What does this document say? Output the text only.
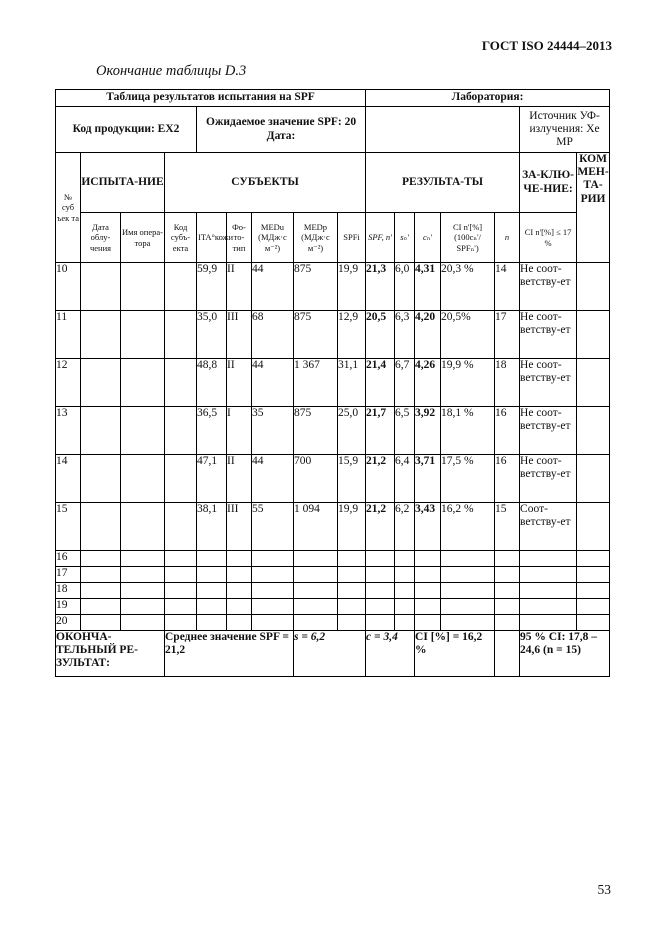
ГОСТ ISO 24444–2013
Окончание таблицы D.3
Таблица результатов испытания на SPF									Лаборатория:						
Код продукции: ЕХ2				Ожидаемое значение SPF: 20 Дата:										Источник УФ-излучения: Хе МР	
№ суб ъек та	ИСПЫТА-НИЕ		СУБЪЕКТЫ						РЕЗУЛЬТА-ТЫ					ЗА-КЛЮ-ЧЕ-НИЕ:	КОМ МЕН-ТА-РИИ
	Дата облу-чения	Имя опера-тора	Код субъ-екта	ITA°кожи	Фо-то-тип	MEDu (МДж·с м⁻²)	MEDp (МДж·с м⁻²)	SPFi	SPF, n'	sₙ'	cₙ'	CI n'[%] (100cₙ'/ SPFₙ')	n	CI n'[%] ≤ 17 %	
10				59,9	II	44	875	19,9	21,3	6,0	4,31	20,3 %	14	Не соот-ветству-ет	
11				35,0	III	68	875	12,9	20,5	6,3	4,20	20,5%	17	Не соот-ветству-ет	
12				48,8	II	44	1 367	31,1	21,4	6,7	4,26	19,9 %	18	Не соот-ветству-ет	
13				36,5	I	35	875	25,0	21,7	6,5	3,92	18,1 %	16	Не соот-ветству-ет	
14				47,1	II	44	700	15,9	21,2	6,4	3,71	17,5 %	16	Не соот-ветству-ет	
15				38,1	III	55	1 094	19,9	21,2	6,2	3,43	16,2 %	15	Соот-ветству-ет	
16															
17															
18															
19															
20															
ОКОНЧА-ТЕЛЬНЫЙ РЕ-ЗУЛЬТАТ:			Среднее значение SPF = 21,2				s = 6,2		c = 3,4		CI [%] = 16,2 %			95 % CI: 17,8 – 24,6 (n = 15)	
53
